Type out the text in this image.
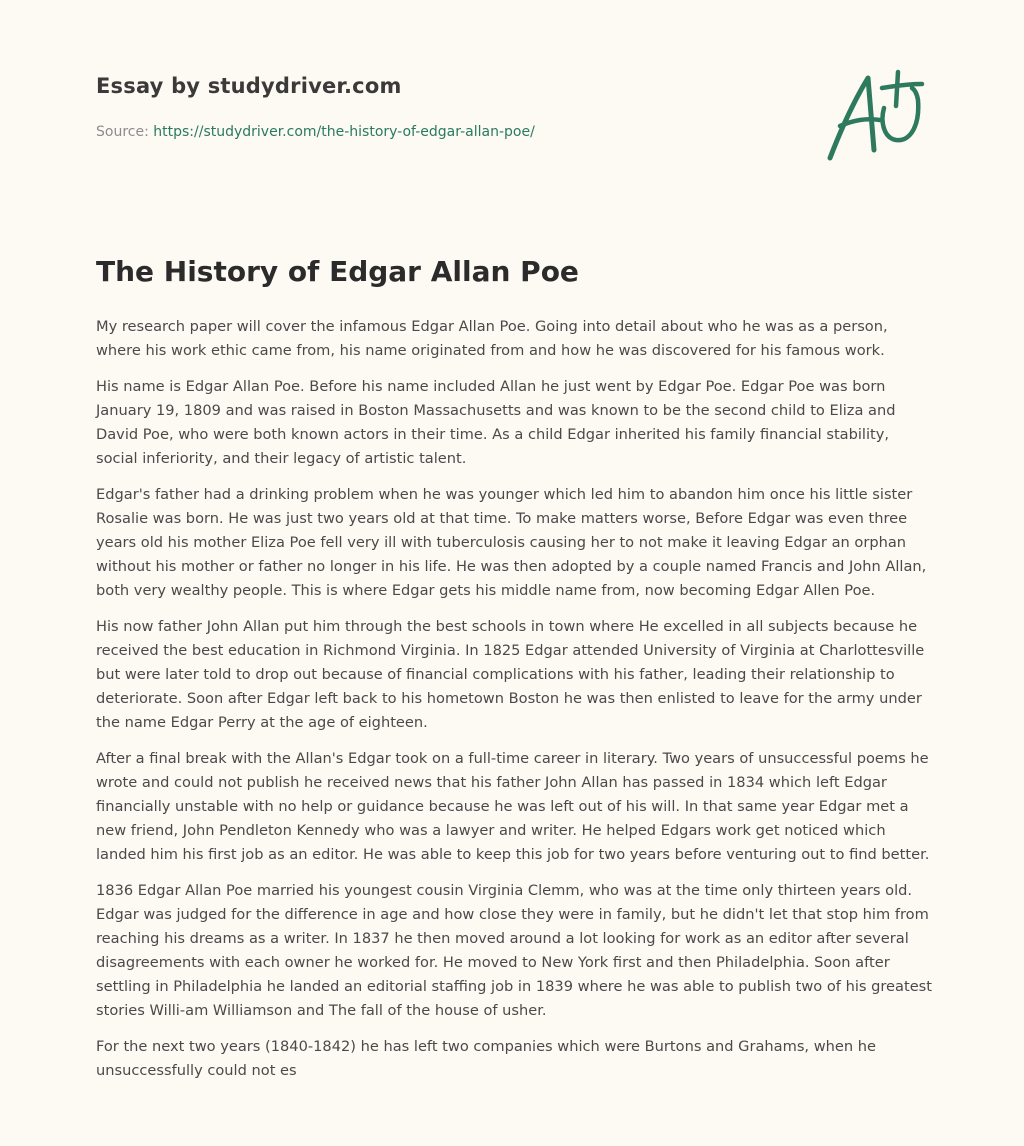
Essay by studydriver.com
Source: https://studydriver.com/the-history-of-edgar-allan-poe/
The History of Edgar Allan Poe

My research paper will cover the infamous Edgar Allan Poe. Going into detail about who he was as a person, where his work ethic came from, his name originated from and how he was discovered for his famous work.

His name is Edgar Allan Poe. Before his name included Allan he just went by Edgar Poe. Edgar Poe was born January 19, 1809 and was raised in Boston Massachusetts and was known to be the second child to Eliza and David Poe, who were both known actors in their time. As a child Edgar inherited his family financial stability, social inferiority, and their legacy of artistic talent.

Edgar's father had a drinking problem when he was younger which led him to abandon him once his little sister Rosalie was born. He was just two years old at that time. To make matters worse, Before Edgar was even three years old his mother Eliza Poe fell very ill with tuberculosis causing her to not make it leaving Edgar an orphan without his mother or father no longer in his life. He was then adopted by a couple named Francis and John Allan, both very wealthy people. This is where Edgar gets his middle name from, now becoming Edgar Allen Poe.

His now father John Allan put him through the best schools in town where He excelled in all subjects because he received the best education in Richmond Virginia. In 1825 Edgar attended University of Virginia at Charlottesville but were later told to drop out because of financial complications with his father, leading their relationship to deteriorate. Soon after Edgar left back to his hometown Boston he was then enlisted to leave for the army under the name Edgar Perry at the age of eighteen.

After a final break with the Allan's Edgar took on a full-time career in literary. Two years of unsuccessful poems he wrote and could not publish he received news that his father John Allan has passed in 1834 which left Edgar financially unstable with no help or guidance because he was left out of his will. In that same year Edgar met a new friend, John Pendleton Kennedy who was a lawyer and writer. He helped Edgars work get noticed which landed him his first job as an editor. He was able to keep this job for two years before venturing out to find better.

1836 Edgar Allan Poe married his youngest cousin Virginia Clemm, who was at the time only thirteen years old. Edgar was judged for the difference in age and how close they were in family, but he didn't let that stop him from reaching his dreams as a writer. In 1837 he then moved around a lot looking for work as an editor after several disagreements with each owner he worked for. He moved to New York first and then Philadelphia. Soon after settling in Philadelphia he landed an editorial staffing job in 1839 where he was able to publish two of his greatest stories Willi-am Williamson and The fall of the house of usher.

For the next two years (1840-1842) he has left two companies which were Burtons and Grahams, when he unsuccessfully could not es
